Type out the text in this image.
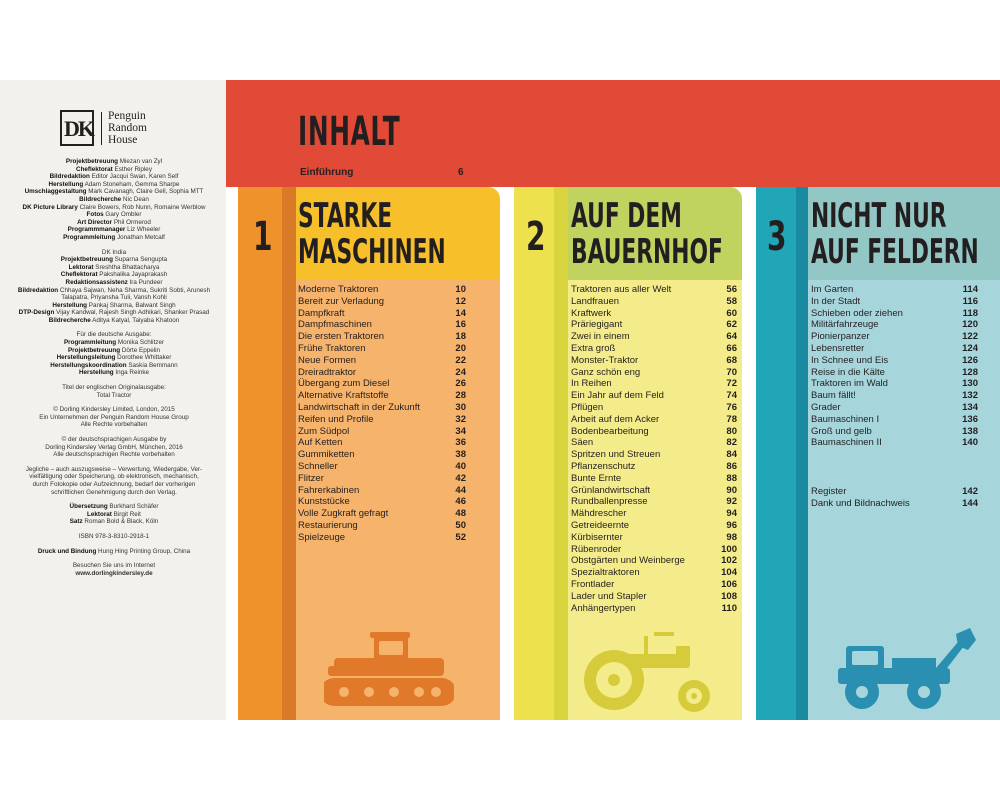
DK Penguin
Random
House

Projektbetreuung Miezan van Zyl

Cheflektorat Esther Ripley

Bildredaktion Editor Jacqui Swan, Karen Self

Herstellung Adam Stoneham, Gemma Sharpe

Umschlaggestaltung Mark Cavanagh, Claire Gell, Sophia MTT

Bildrecherche Nic Dean

DK Picture Library Claire Bowers, Rob Nunn, Romaine Werblow

Fotos Gary Ombler

Art Director Phil Ormerod

Programmmanager Liz Wheeler

Programmleitung Jonathan Metcalf

DK India

Projektbetreuung Suparna Sengupta

Lektorat Sreshtha Bhattacharya

Cheflektorat Pakshalika Jayaprakash

Redaktionsassistenz Ira Pundeer

Bildredaktion Chhaya Sajwan, Neha Sharma, Sukriti Sobti, Arunesh Talapatra, Priyansha Tuli, Vansh Kohli

Herstellung Pankaj Sharma, Balwant Singh

DTP-Design Vijay Kandwal, Rajesh Singh Adhikari, Shanker Prasad

Bildrecherche Aditya Katyal, Taiyaba Khatoon

Für die deutsche Ausgabe:

Programmleitung Monika Schlitzer

Projektbetreuung Dörte Eppelin

Herstellungsleitung Dorothee Whittaker

Herstellungskoordination Saskia Bemmann

Herstellung Inga Reinke

Titel der englischen Originalausgabe:

Total Tractor

© Dorling Kindersley Limited, London, 2015

Ein Unternehmen der Penguin Random House Group

Alle Rechte vorbehalten

© der deutschsprachigen Ausgabe by

Dorling Kindersley Verlag GmbH, München, 2016

Alle deutschsprachigen Rechte vorbehalten

Jegliche – auch auszugsweise – Verwertung, Wiedergabe, Ver-

vielfältigung oder Speicherung, ob elektronisch, mechanisch,

durch Fotokopie oder Aufzeichnung, bedarf der vorherigen

schriftlichen Genehmigung durch den Verlag.

Übersetzung Burkhard Schäfer

Lektorat Birgit Reit

Satz Roman Bold & Black, Köln

ISBN 978-3-8310-2918-1

Druck und Bindung Hung Hing Printing Group, China

Besuchen Sie uns im Internet

www.dorlingkindersley.de

INHALT
Einführung	6
1 STARKE
MASCHINEN
Moderne Traktoren	10
Bereit zur Verladung	12
Dampfkraft	14
Dampfmaschinen	16
Die ersten Traktoren	18
Frühe Traktoren	20
Neue Formen	22
Dreiradtraktor	24
Übergang zum Diesel	26
Alternative Kraftstoffe	28
Landwirtschaft in der Zukunft	30
Reifen und Profile	32
Zum Südpol	34
Auf Ketten	36
Gummiketten	38
Schneller	40
Flitzer	42
Fahrerkabinen	44
Kunststücke	46
Volle Zugkraft gefragt	48
Restaurierung	50
Spielzeuge	52
2 AUF DEM
BAUERNHOF
Traktoren aus aller Welt	56
Landfrauen	58
Kraftwerk	60
Präriegigant	62
Zwei in einem	64
Extra groß	66
Monster-Traktor	68
Ganz schön eng	70
In Reihen	72
Ein Jahr auf dem Feld	74
Pflügen	76
Arbeit auf dem Acker	78
Bodenbearbeitung	80
Säen	82
Spritzen und Streuen	84
Pflanzenschutz	86
Bunte Ernte	88
Grünlandwirtschaft	90
Rundballenpresse	92
Mähdrescher	94
Getreideernte	96
Kürbisernter	98
Rübenroder	100
Obstgärten und Weinberge	102
Spezialtraktoren	104
Frontlader	106
Lader und Stapler	108
Anhängertypen	110
3 NICHT NUR
AUF FELDERN
Im Garten	114
In der Stadt	116
Schieben oder ziehen	118
Militärfahrzeuge	120
Pionierpanzer	122
Lebensretter	124
In Schnee und Eis	126
Reise in die Kälte	128
Traktoren im Wald	130
Baum fällt!	132
Grader	134
Baumaschinen I	136
Groß und gelb	138
Baumaschinen II	140
Register	142
Dank und Bildnachweis	144
